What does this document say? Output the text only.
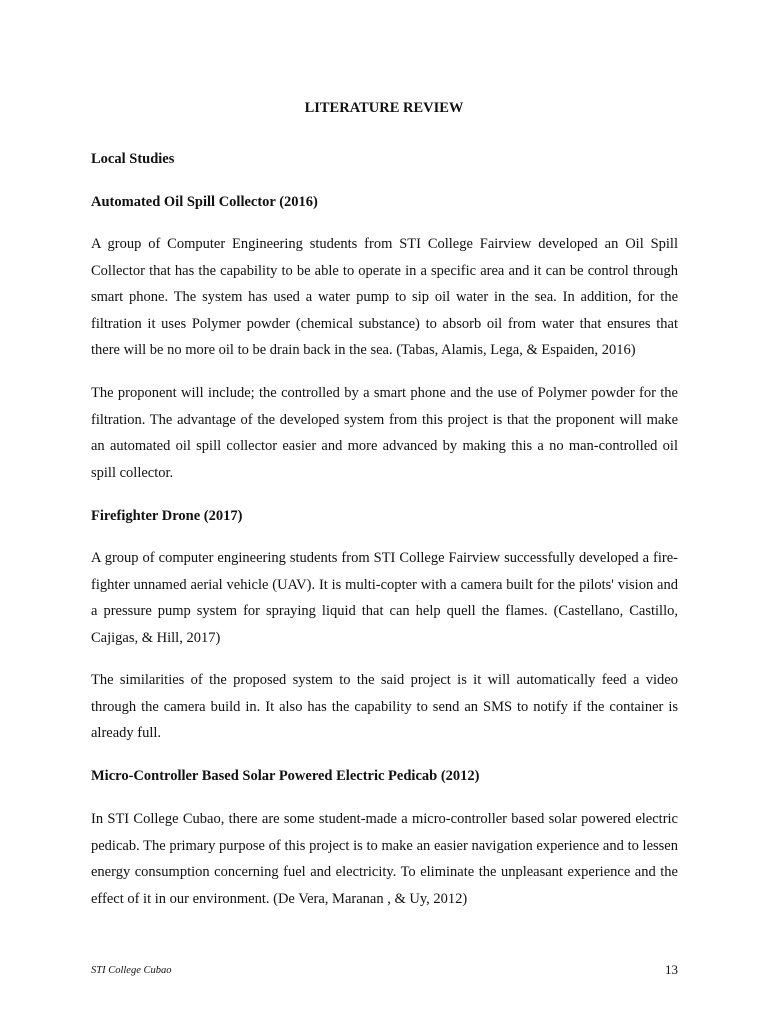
LITERATURE REVIEW
Local Studies
Automated Oil Spill Collector (2016)

A group of Computer Engineering students from STI College Fairview developed an Oil Spill Collector that has the capability to be able to operate in a specific area and it can be control through smart phone. The system has used a water pump to sip oil water in the sea. In addition, for the filtration it uses Polymer powder (chemical substance) to absorb oil from water that ensures that there will be no more oil to be drain back in the sea. (Tabas, Alamis, Lega, & Espaiden, 2016)

The proponent will include; the controlled by a smart phone and the use of Polymer powder for the filtration. The advantage of the developed system from this project is that the proponent will make an automated oil spill collector easier and more advanced by making this a no man-controlled oil spill collector.

Firefighter Drone (2017)

A group of computer engineering students from STI College Fairview successfully developed a fire-fighter unnamed aerial vehicle (UAV). It is multi-copter with a camera built for the pilots' vision and a pressure pump system for spraying liquid that can help quell the flames. (Castellano, Castillo, Cajigas, & Hill, 2017)

The similarities of the proposed system to the said project is it will automatically feed a video through the camera build in. It also has the capability to send an SMS to notify if the container is already full.

Micro-Controller Based Solar Powered Electric Pedicab (2012)

In STI College Cubao, there are some student-made a micro-controller based solar powered electric pedicab. The primary purpose of this project is to make an easier navigation experience and to lessen energy consumption concerning fuel and electricity. To eliminate the unpleasant experience and the effect of it in our environment. (De Vera, Maranan , & Uy, 2012)

STI College Cubao	13
